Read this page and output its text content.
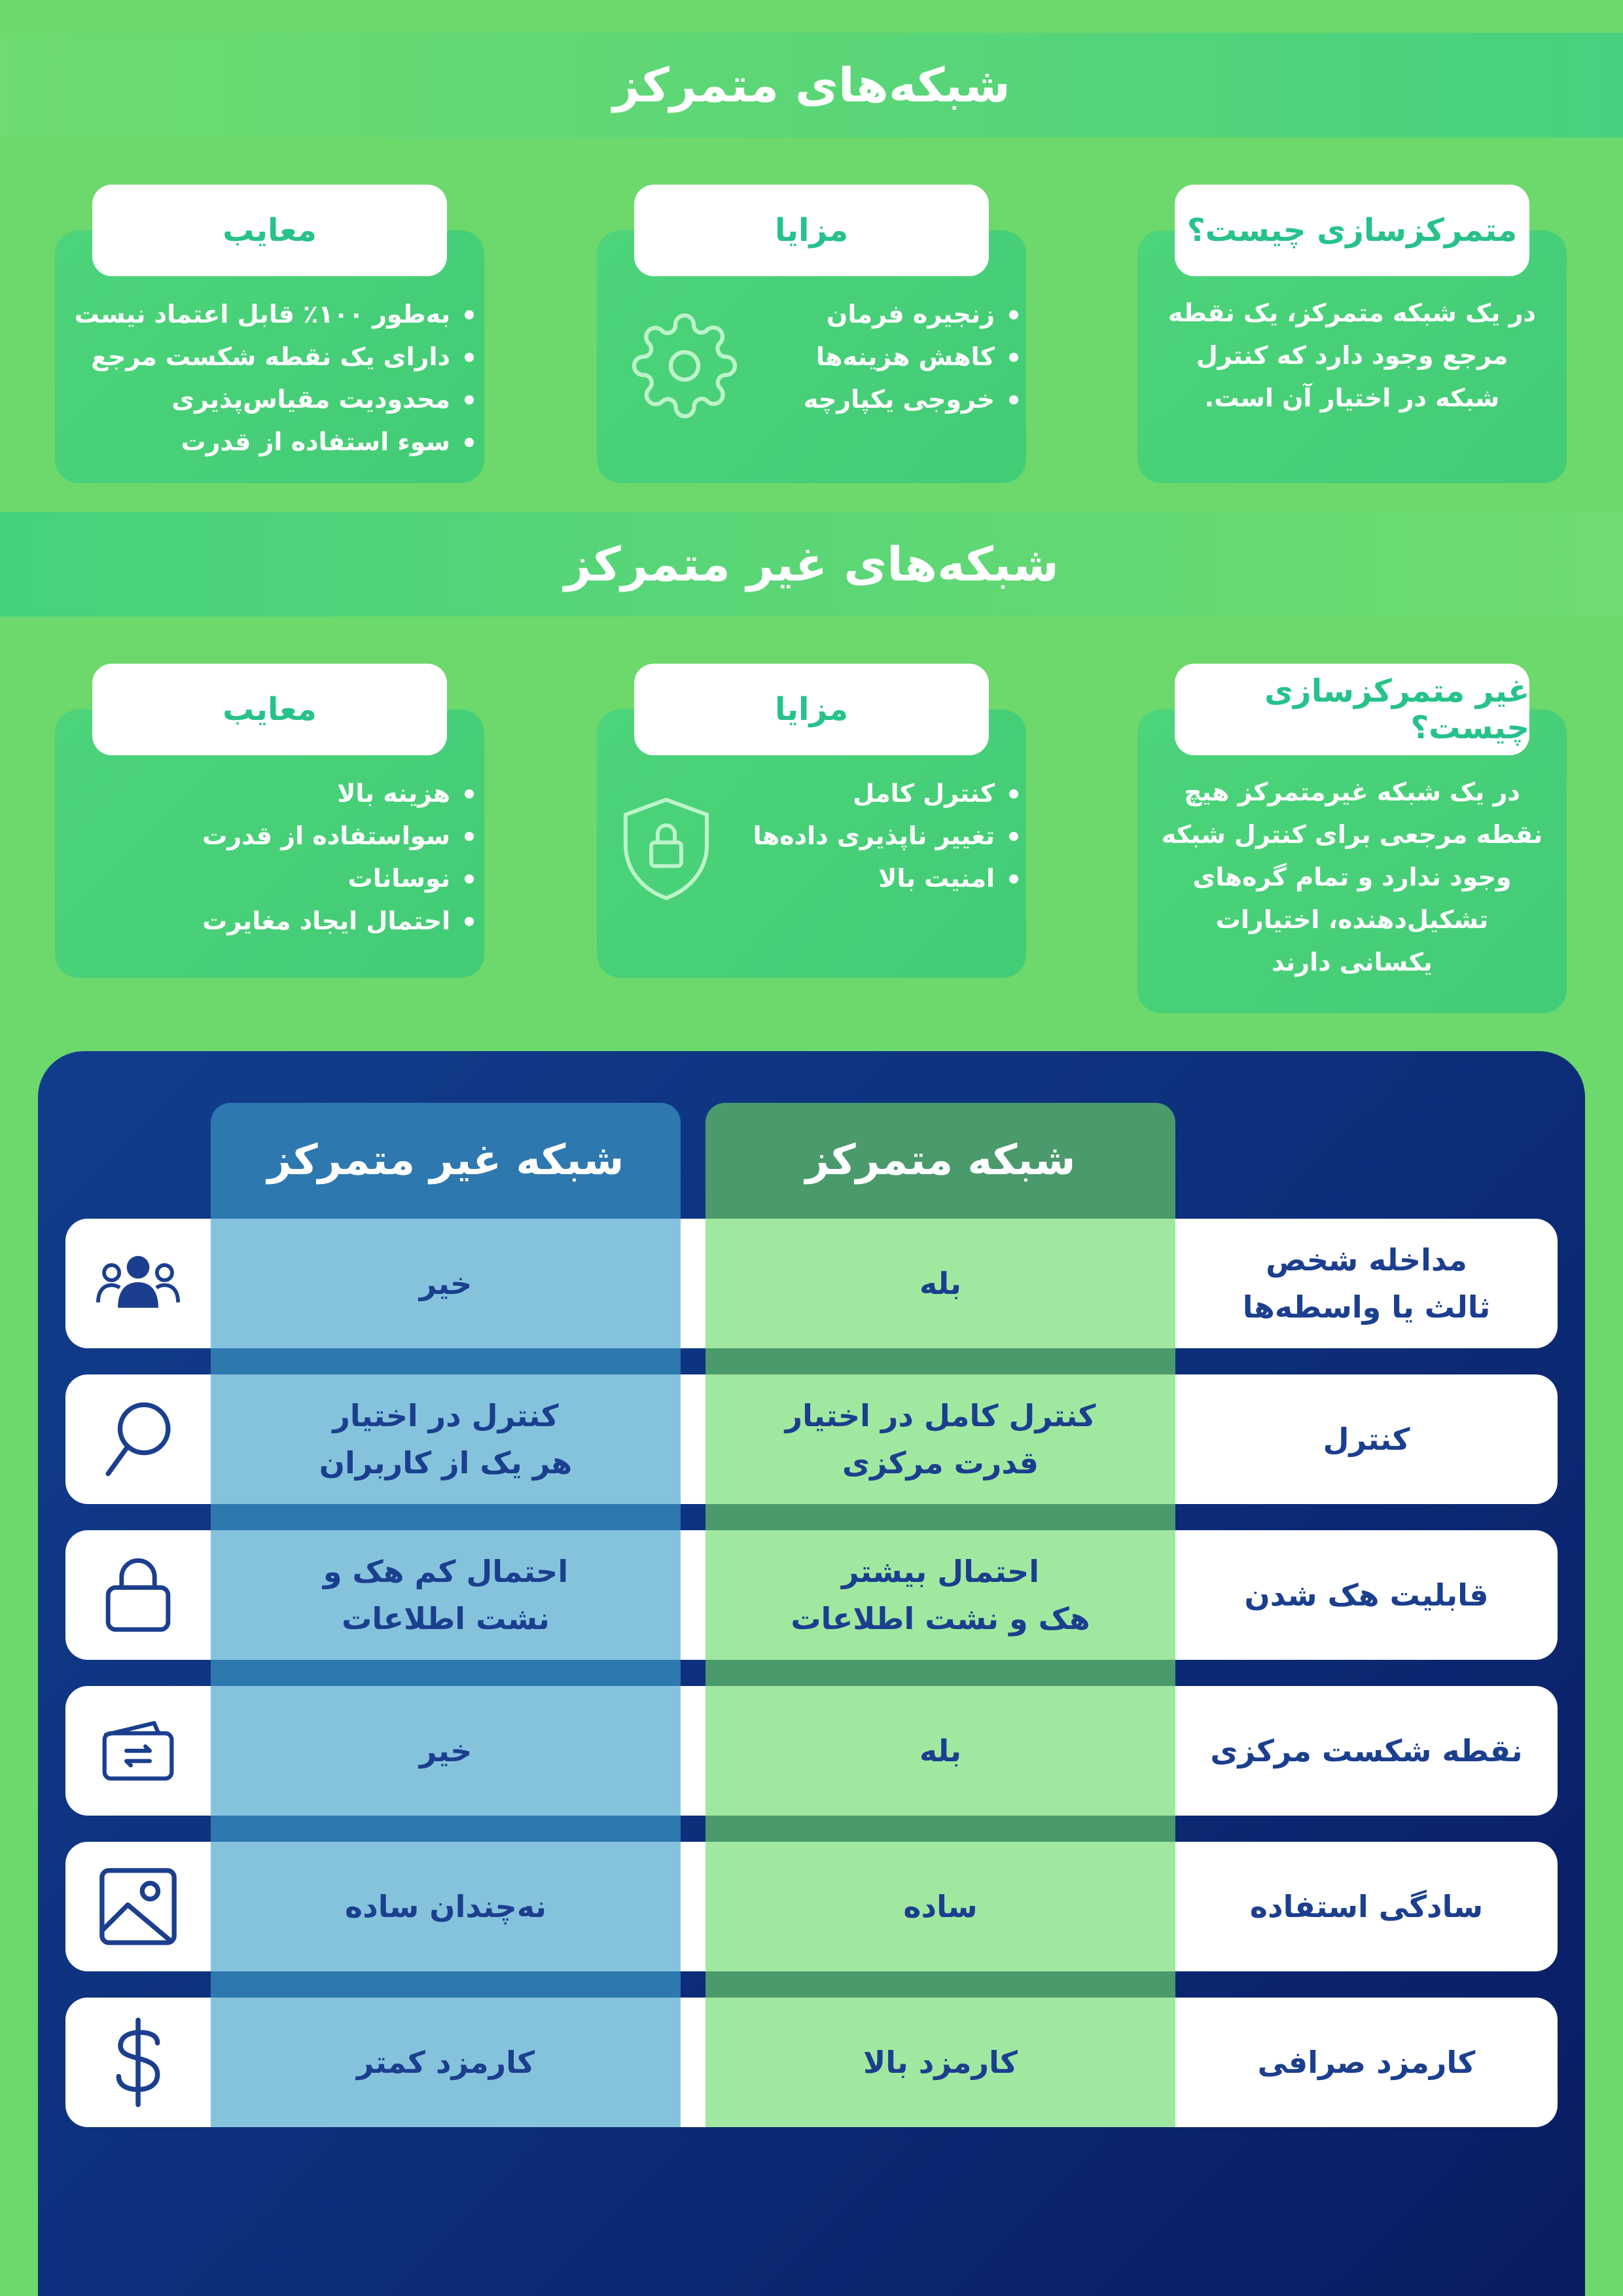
شبکه‌های متمرکز
متمرکزسازی چیست؟
در یک شبکه متمرکز، یک نقطه
مرجع وجود دارد که کنترل
شبکه در اختیار آن است.
مزایا
زنجیره فرمان
کاهش هزینه‌ها
خروجی یکپارچه
معایب
به‌طور ۱۰۰٪ قابل اعتماد نیست
دارای یک نقطه شکست مرجع
محدودیت مقیاس‌پذیری
سوء استفاده از قدرت
شبکه‌های غیر متمرکز
غیر متمرکزسازی چیست؟
در یک شبکه غیرمتمرکز هیچ
نقطه مرجعی برای کنترل شبکه
وجود ندارد و تمام گره‌های
تشکیل‌دهنده، اختیارات
یکسانی دارند
مزایا
کنترل کامل
تغییر ناپذیری داده‌ها
امنیت بالا
معایب
هزینه بالا
سواستفاده از قدرت
نوسانات
احتمال ایجاد مغایرت
شبکه غیر متمرکز	شبکه متمرکز
مداخله شخص
ثالث یا واسطه‌ها
بله
خیر
کنترل
کنترل کامل در اختیار
قدرت مرکزی
کنترل در اختیار
هر یک از کاربران
قابلیت هک شدن
احتمال بیشتر
هک و نشت اطلاعات
احتمال کم هک و
نشت اطلاعات
نقطه شکست مرکزی
بله
خیر
سادگی استفاده
ساده
نه‌چندان ساده
کارمزد صرافی
کارمزد بالا
کارمزد کمتر
